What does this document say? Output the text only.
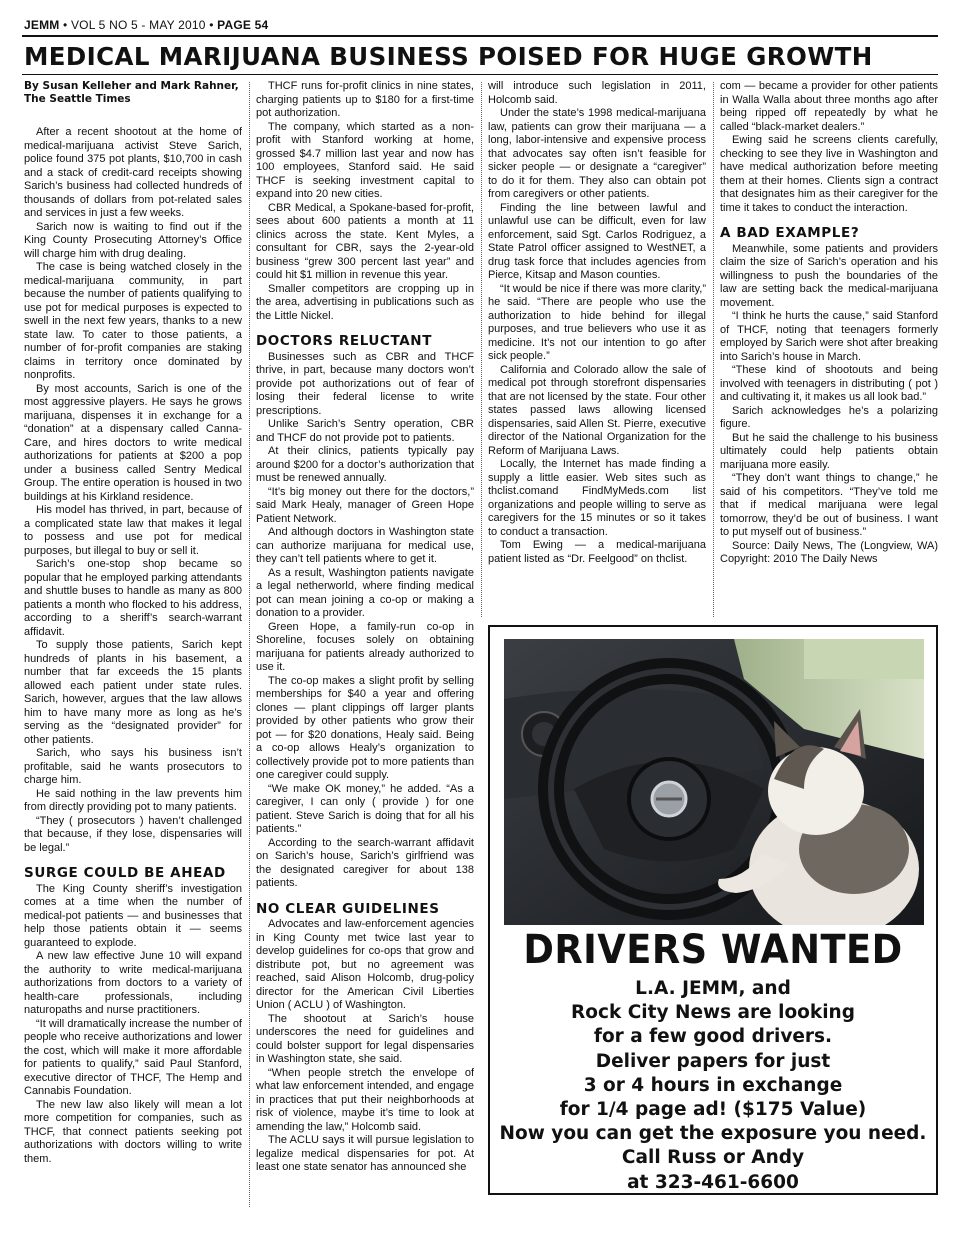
JEMM • VOL 5 NO 5 - MAY 2010 • PAGE 54
MEDICAL MARIJUANA BUSINESS POISED FOR HUGE GROWTH
By Susan Kelleher and Mark Rahner, The Seattle Times

After a recent shootout at the home of medical-marijuana activist Steve Sarich, police found 375 pot plants, $10,700 in cash and a stack of credit-card receipts showing Sarich’s business had collected hundreds of thousands of dollars from pot-related sales and services in just a few weeks.

Sarich now is waiting to find out if the King County Prosecuting Attorney’s Office will charge him with drug dealing.

The case is being watched closely in the medical-marijuana community, in part because the number of patients qualifying to use pot for medical purposes is expected to swell in the next few years, thanks to a new state law. To cater to those patients, a number of for-profit companies are staking claims in territory once dominated by nonprofits.

By most accounts, Sarich is one of the most aggressive players. He says he grows marijuana, dispenses it in exchange for a “donation” at a dispensary called Canna-Care, and hires doctors to write medical authorizations for patients at $200 a pop under a business called Sentry Medical Group. The entire operation is housed in two buildings at his Kirkland residence.

His model has thrived, in part, because of a complicated state law that makes it legal to possess and use pot for medical purposes, but illegal to buy or sell it.

Sarich’s one-stop shop became so popular that he employed parking attendants and shuttle buses to handle as many as 800 patients a month who flocked to his address, according to a sheriff’s search-warrant affidavit.

To supply those patients, Sarich kept hundreds of plants in his basement, a number that far exceeds the 15 plants allowed each patient under state rules. Sarich, however, argues that the law allows him to have many more as long as he’s serving as the “designated provider” for other patients.

Sarich, who says his business isn’t profitable, said he wants prosecutors to charge him.

He said nothing in the law prevents him from directly providing pot to many patients.

“They ( prosecutors ) haven’t challenged that because, if they lose, dispensaries will be legal.”

SURGE COULD BE AHEAD

The King County sheriff’s investigation comes at a time when the number of medical-pot patients — and businesses that help those patients obtain it — seems guaranteed to explode.

A new law effective June 10 will expand the authority to write medical-marijuana authorizations from doctors to a variety of health-care professionals, including naturopaths and nurse practitioners.

“It will dramatically increase the number of people who receive authorizations and lower the cost, which will make it more affordable for patients to qualify,” said Paul Stanford, executive director of THCF, The Hemp and Cannabis Foundation.

The new law also likely will mean a lot more competition for companies, such as THCF, that connect patients seeking pot authorizations with doctors willing to write them.

THCF runs for-profit clinics in nine states, charging patients up to $180 for a first-time pot authorization.

The company, which started as a non-profit with Stanford working at home, grossed $4.7 million last year and now has 100 employees, Stanford said. He said THCF is seeking investment capital to expand into 20 new cities.

CBR Medical, a Spokane-based for-profit, sees about 600 patients a month at 11 clinics across the state. Kent Myles, a consultant for CBR, says the 2-year-old business “grew 300 percent last year” and could hit $1 million in revenue this year.

Smaller competitors are cropping up in the area, advertising in publications such as the Little Nickel.

DOCTORS RELUCTANT

Businesses such as CBR and THCF thrive, in part, because many doctors won’t provide pot authorizations out of fear of losing their federal license to write prescriptions.

Unlike Sarich’s Sentry operation, CBR and THCF do not provide pot to patients.

At their clinics, patients typically pay around $200 for a doctor’s authorization that must be renewed annually.

“It’s big money out there for the doctors,” said Mark Healy, manager of Green Hope Patient Network.

And although doctors in Washington state can authorize marijuana for medical use, they can’t tell patients where to get it.

As a result, Washington patients navigate a legal netherworld, where finding medical pot can mean joining a co-op or making a donation to a provider.

Green Hope, a family-run co-op in Shoreline, focuses solely on obtaining marijuana for patients already authorized to use it.

The co-op makes a slight profit by selling memberships for $40 a year and offering clones — plant clippings off larger plants provided by other patients who grow their pot — for $20 donations, Healy said. Being a co-op allows Healy’s organization to collectively provide pot to more patients than one caregiver could supply.

“We make OK money,” he added. “As a caregiver, I can only ( provide ) for one patient. Steve Sarich is doing that for all his patients.”

According to the search-warrant affidavit on Sarich’s house, Sarich’s girlfriend was the designated caregiver for about 138 patients.

NO CLEAR GUIDELINES

Advocates and law-enforcement agencies in King County met twice last year to develop guidelines for co-ops that grow and distribute pot, but no agreement was reached, said Alison Holcomb, drug-policy director for the American Civil Liberties Union ( ACLU ) of Washington.

The shootout at Sarich’s house underscores the need for guidelines and could bolster support for legal dispensaries in Washington state, she said.

“When people stretch the envelope of what law enforcement intended, and engage in practices that put their neighborhoods at risk of violence, maybe it’s time to look at amending the law,” Holcomb said.

The ACLU says it will pursue legislation to legalize medical dispensaries for pot. At least one state senator has announced she

will introduce such legislation in 2011, Holcomb said.

Under the state’s 1998 medical-marijuana law, patients can grow their marijuana — a long, labor-intensive and expensive process that advocates say often isn’t feasible for sicker people — or designate a “caregiver” to do it for them. They also can obtain pot from caregivers or other patients.

Finding the line between lawful and unlawful use can be difficult, even for law enforcement, said Sgt. Carlos Rodriguez, a State Patrol officer assigned to WestNET, a drug task force that includes agencies from Pierce, Kitsap and Mason counties.

“It would be nice if there was more clarity,” he said. “There are people who use the authorization to hide behind for illegal purposes, and true believers who use it as medicine. It’s not our intention to go after sick people.”

California and Colorado allow the sale of medical pot through storefront dispensaries that are not licensed by the state. Four other states passed laws allowing licensed dispensaries, said Allen St. Pierre, executive director of the National Organization for the Reform of Marijuana Laws.

Locally, the Internet has made finding a supply a little easier. Web sites such as thclist.comand FindMyMeds.com list organizations and people willing to serve as caregivers for the 15 minutes or so it takes to conduct a transaction.

Tom Ewing — a medical-marijuana patient listed as “Dr. Feelgood” on thclist.

com — became a provider for other patients in Walla Walla about three months ago after being ripped off repeatedly by what he called “black-market dealers.”

Ewing said he screens clients carefully, checking to see they live in Washington and have medical authorization before meeting them at their homes. Clients sign a contract that designates him as their caregiver for the time it takes to conduct the interaction.

A BAD EXAMPLE?

Meanwhile, some patients and providers claim the size of Sarich’s operation and his willingness to push the boundaries of the law are setting back the medical-marijuana movement.

“I think he hurts the cause,” said Stanford of THCF, noting that teenagers formerly employed by Sarich were shot after breaking into Sarich’s house in March.

“These kind of shootouts and being involved with teenagers in distributing ( pot ) and cultivating it, it makes us all look bad.”

Sarich acknowledges he’s a polarizing figure.

But he said the challenge to his business ultimately could help patients obtain marijuana more easily.

“They don’t want things to change,” he said of his competitors. “They’ve told me that if medical marijuana were legal tomorrow, they’d be out of business. I want to put myself out of business.”

Source: Daily News, The (Longview, WA) Copyright: 2010 The Daily News

DRIVERS WANTED
L.A. JEMM, and
Rock City News are looking
for a few good drivers.
Deliver papers for just
3 or 4 hours in exchange
for 1/4 page ad! ($175 Value)
Now you can get the exposure you need.
Call Russ or Andy
at 323-461-6600
